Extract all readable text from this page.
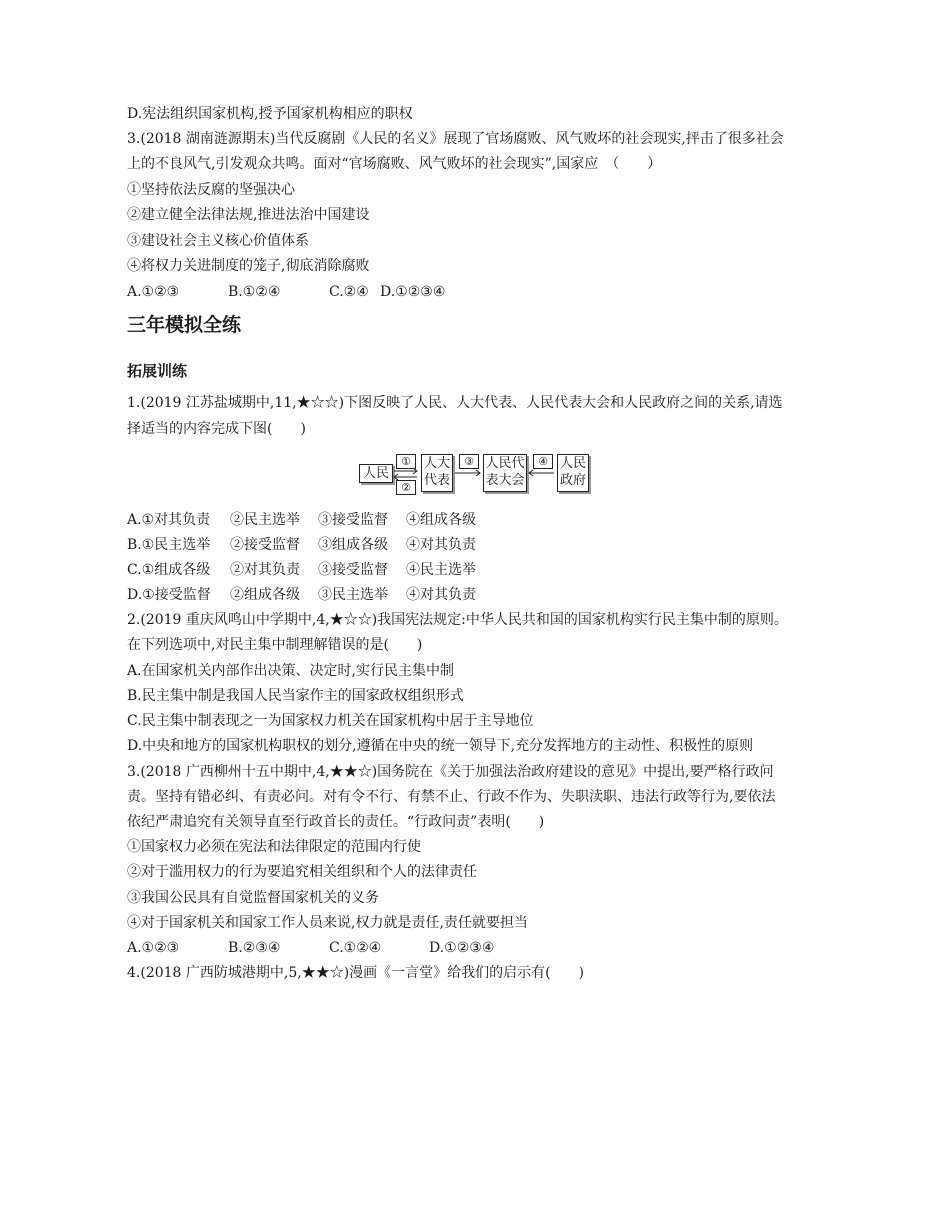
D.宪法组织国家机构,授予国家机构相应的职权
3.(2018 湖南涟源期末)当代反腐剧《人民的名义》展现了官场腐败、风气败坏的社会现实,抨击了很多社会
上的不良风气,引发观众共鸣。面对“官场腐败、风气败坏的社会现实”,国家应　（　　）
①坚持依法反腐的坚强决心
②建立健全法律法规,推进法治中国建设
③建设社会主义核心价值体系
④将权力关进制度的笼子,彻底消除腐败
A.①②③	B.①②④	C.②④ D.①②③④
三年模拟全练
拓展训练
1.(2019 江苏盐城期中,11,★☆☆)下图反映了人民、人大代表、人民代表大会和人民政府之间的关系,请选
择适当的内容完成下图(　　)
人民
①
②
人大代表
③ 人民代表大会
④ 人民政府
A.①对其负责 ②民主选举 ③接受监督 ④组成各级
B.①民主选举 ②接受监督 ③组成各级 ④对其负责
C.①组成各级 ②对其负责 ③接受监督 ④民主选举
D.①接受监督 ②组成各级 ③民主选举 ④对其负责
2.(2019 重庆风鸣山中学期中,4,★☆☆)我国宪法规定:中华人民共和国的国家机构实行民主集中制的原则。
在下列选项中,对民主集中制理解错误的是(　　)
A.在国家机关内部作出决策、决定时,实行民主集中制
B.民主集中制是我国人民当家作主的国家政权组织形式
C.民主集中制表现之一为国家权力机关在国家机构中居于主导地位
D.中央和地方的国家机构职权的划分,遵循在中央的统一领导下,充分发挥地方的主动性、积极性的原则
3.(2018 广西柳州十五中期中,4,★★☆)国务院在《关于加强法治政府建设的意见》中提出,要严格行政问
责。坚持有错必纠、有责必问。对有令不行、有禁不止、行政不作为、失职渎职、违法行政等行为,要依法
依纪严肃追究有关领导直至行政首长的责任。“行政问责”表明(　　)
①国家权力必须在宪法和法律限定的范围内行使
②对于滥用权力的行为要追究相关组织和个人的法律责任
③我国公民具有自觉监督国家机关的义务
④对于国家机关和国家工作人员来说,权力就是责任,责任就要担当
A.①②③	B.②③④	C.①②④	D.①②③④
4.(2018 广西防城港期中,5,★★☆)漫画《一言堂》给我们的启示有(　　)
